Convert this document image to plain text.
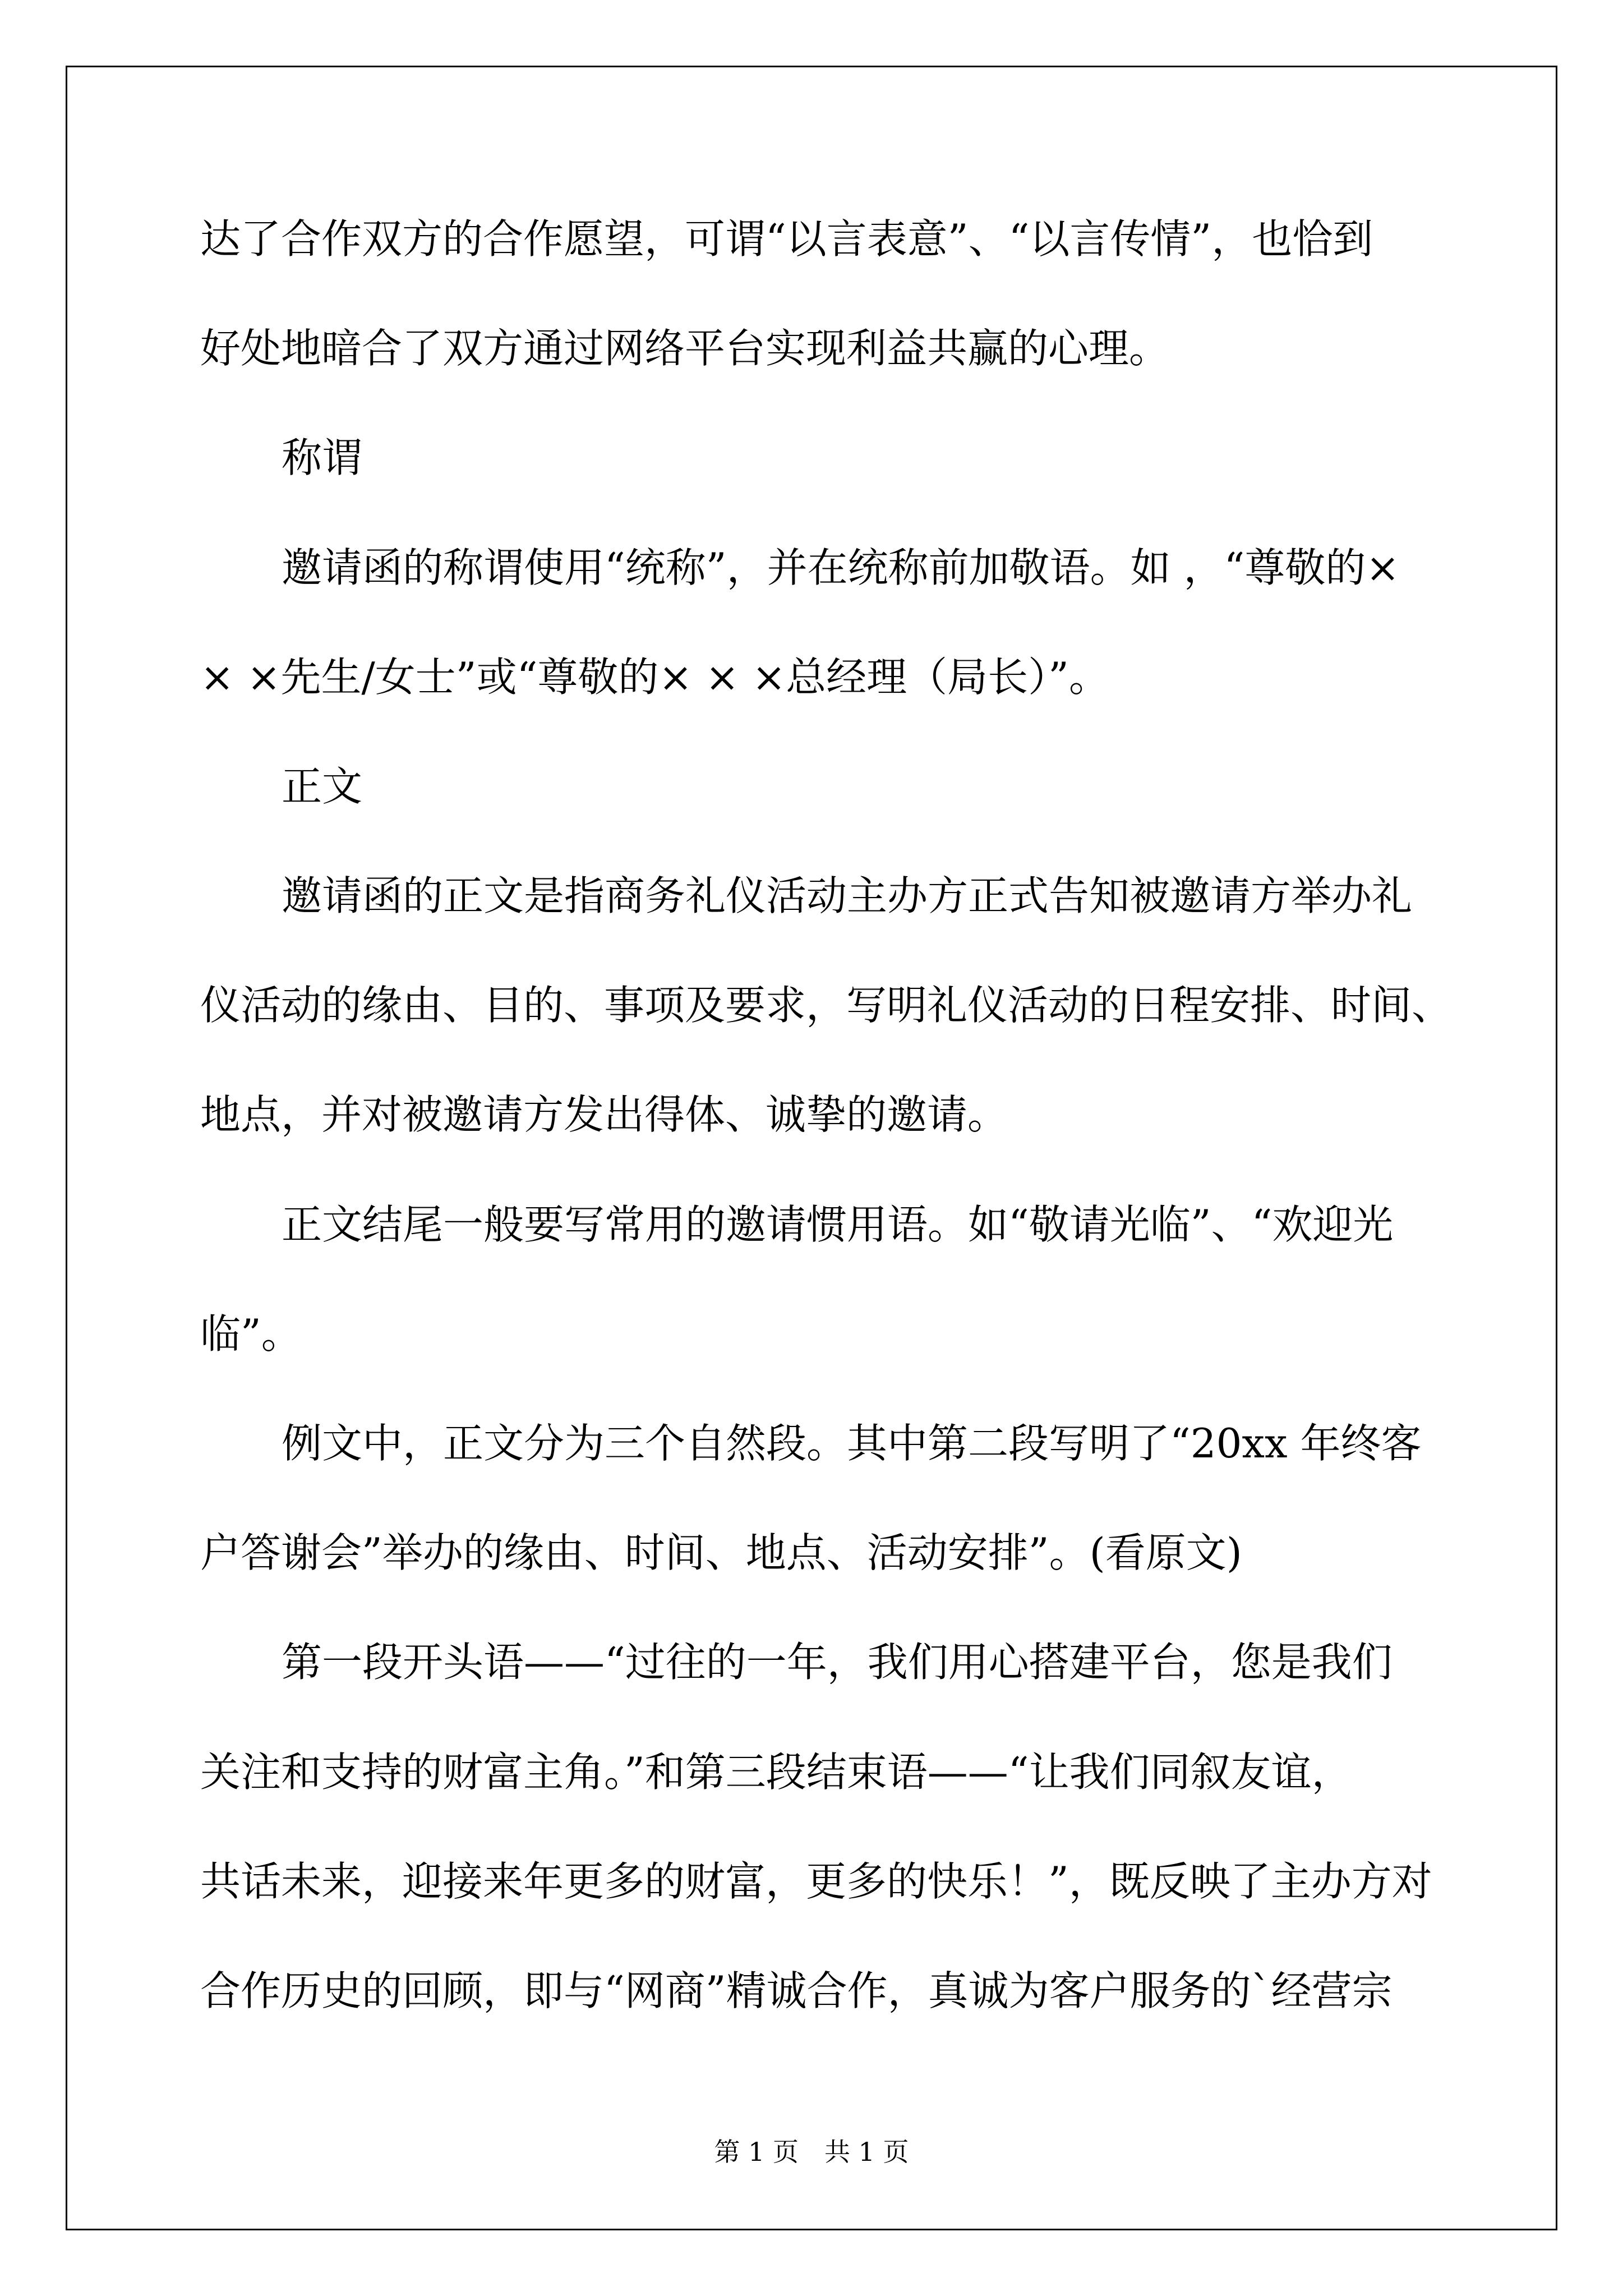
达了合作双方的合作愿望，可谓“以言表意”、“以言传情”，也恰到
好处地暗合了双方通过网络平台实现利益共赢的心理。
称谓
邀请函的称谓使用“统称”，并在统称前加敬语。如 ，“尊敬的×
× ×先生/女士”或“尊敬的× × ×总经理（局长）”。
正文
邀请函的正文是指商务礼仪活动主办方正式告知被邀请方举办礼
仪活动的缘由、目的、事项及要求，写明礼仪活动的日程安排、时间、
地点，并对被邀请方发出得体、诚挚的邀请。
正文结尾一般要写常用的邀请惯用语。如“敬请光临”、“欢迎光
临”。
例文中，正文分为三个自然段。其中第二段写明了“20xx 年终客
户答谢会”举办的缘由、时间、地点、活动安排”。(看原文)
第一段开头语——“过往的一年，我们用心搭建平台，您是我们
关注和支持的财富主角。”和第三段结束语——“让我们同叙友谊，
共话未来，迎接来年更多的财富，更多的快乐！”，既反映了主办方对
合作历史的回顾，即与“网商”精诚合作，真诚为客户服务的`经营宗
第 1 页　共 1 页
